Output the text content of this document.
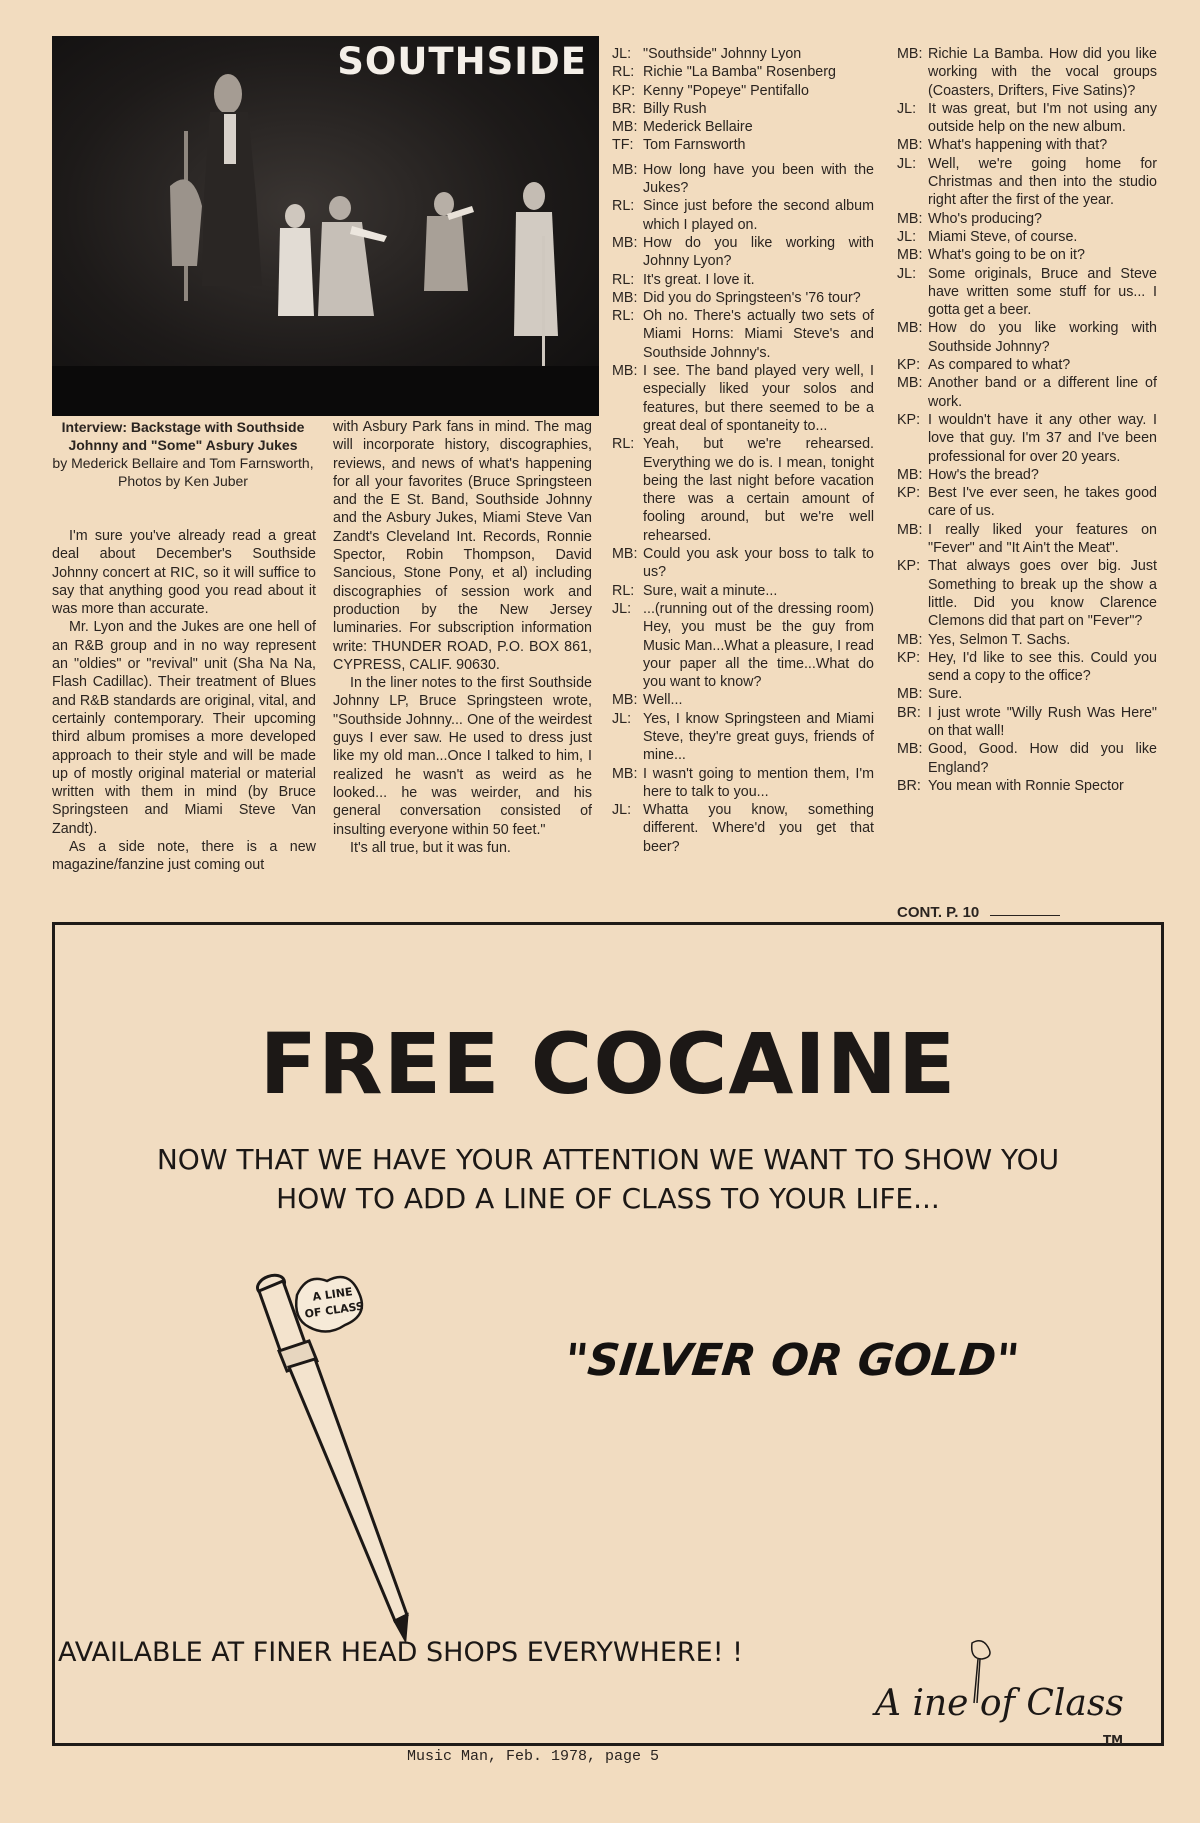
SOUTHSIDE
Interview: Backstage with Southside Johnny and "Some" Asbury Jukes
by Mederick Bellaire and Tom Farnsworth,
Photos by Ken Juber

I'm sure you've already read a great deal about December's Southside Johnny concert at RIC, so it will suffice to say that anything good you read about it was more than accurate.

Mr. Lyon and the Jukes are one hell of an R&B group and in no way represent an "oldies" or "revival" unit (Sha Na Na, Flash Cadillac). Their treatment of Blues and R&B standards are original, vital, and certainly contemporary. Their upcoming third album promises a more developed approach to their style and will be made up of mostly original material or material written with them in mind (by Bruce Springsteen and Miami Steve Van Zandt).

As a side note, there is a new magazine/fanzine just coming out

with Asbury Park fans in mind. The mag will incorporate history, discographies, reviews, and news of what's happening for all your favorites (Bruce Springsteen and the E St. Band, Southside Johnny and the Asbury Jukes, Miami Steve Van Zandt's Cleveland Int. Records, Ronnie Spector, Robin Thompson, David Sancious, Stone Pony, et al) including discographies of session work and production by the New Jersey luminaries. For subscription information write: THUNDER ROAD, P.O. BOX 861, CYPRESS, CALIF. 90630.

In the liner notes to the first Southside Johnny LP, Bruce Springsteen wrote, "Southside Johnny... One of the weirdest guys I ever saw. He used to dress just like my old man...Once I talked to him, I realized he wasn't as weird as he looked... he was weirder, and his general conversation consisted of insulting everyone within 50 feet."

It's all true, but it was fun.

JL: "Southside" Johnny Lyon
RL: Richie "La Bamba" Rosenberg
KP: Kenny "Popeye" Pentifallo
BR: Billy Rush
MB: Mederick Bellaire
TF: Tom Farnsworth
MB: How long have you been with the Jukes?
RL: Since just before the second album which I played on.
MB: How do you like working with Johnny Lyon?
RL: It's great. I love it.
MB: Did you do Springsteen's '76 tour?
RL: Oh no. There's actually two sets of Miami Horns: Miami Steve's and Southside Johnny's.
MB: I see. The band played very well, I especially liked your solos and features, but there seemed to be a great deal of spontaneity to...
RL: Yeah, but we're rehearsed. Everything we do is. I mean, tonight being the last night before vacation there was a certain amount of fooling around, but we're well rehearsed.
MB: Could you ask your boss to talk to us?
RL: Sure, wait a minute...
JL: ...(running out of the dressing room) Hey, you must be the guy from Music Man...What a pleasure, I read your paper all the time...What do you want to know?
MB: Well...
JL: Yes, I know Springsteen and Miami Steve, they're great guys, friends of mine...
MB: I wasn't going to mention them, I'm here to talk to you...
JL: Whatta you know, something different. Where'd you get that beer?
MB: Richie La Bamba. How did you like working with the vocal groups (Coasters, Drifters, Five Satins)?
JL: It was great, but I'm not using any outside help on the new album.
MB: What's happening with that?
JL: Well, we're going home for Christmas and then into the studio right after the first of the year.
MB: Who's producing?
JL: Miami Steve, of course.
MB: What's going to be on it?
JL: Some originals, Bruce and Steve have written some stuff for us... I gotta get a beer.
MB: How do you like working with Southside Johnny?
KP: As compared to what?
MB: Another band or a different line of work.
KP: I wouldn't have it any other way. I love that guy. I'm 37 and I've been professional for over 20 years.
MB: How's the bread?
KP: Best I've ever seen, he takes good care of us.
MB: I really liked your features on "Fever" and "It Ain't the Meat".
KP: That always goes over big. Just Something to break up the show a little. Did you know Clarence Clemons did that part on "Fever"?
MB: Yes, Selmon T. Sachs.
KP: Hey, I'd like to see this. Could you send a copy to the office?
MB: Sure.
BR: I just wrote "Willy Rush Was Here" on that wall!
MB: Good, Good. How did you like England?
BR: You mean with Ronnie Spector
CONT. P. 10
FREE COCAINE
NOW THAT WE HAVE YOUR ATTENTION WE WANT TO SHOW YOU HOW TO ADD A LINE OF CLASS TO YOUR LIFE...
A LINE
OF CLASS
"SILVER OR GOLD"
AVAILABLE AT FINER HEAD SHOPS EVERYWHERE! !
A ine of Class
TM
Music Man, Feb. 1978, page 5
